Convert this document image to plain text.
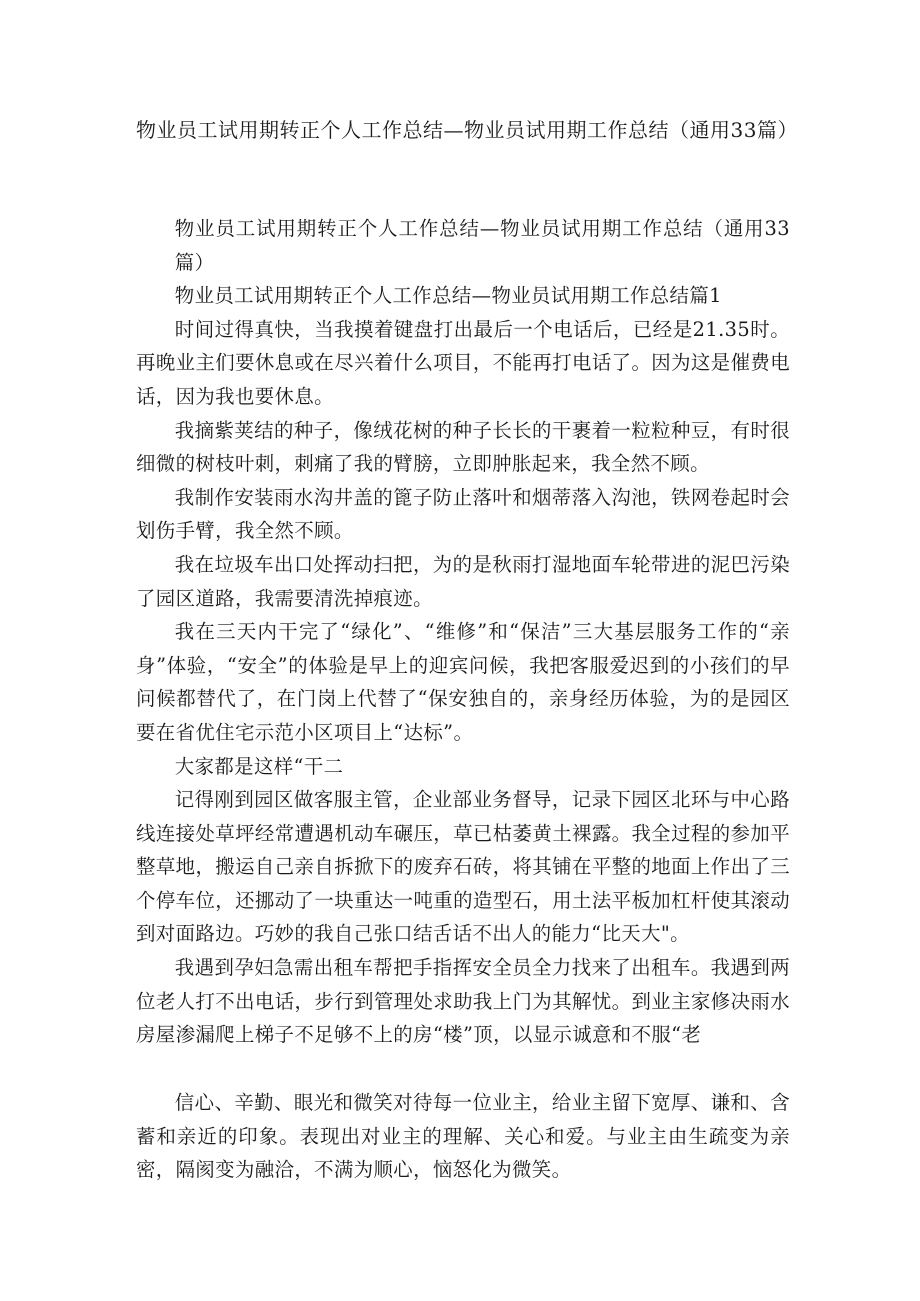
物业员工试用期转正个人工作总结—物业员试用期工作总结（通用33篇）

物业员工试用期转正个人工作总结—物业员试用期工作总结（通用33篇）

物业员工试用期转正个人工作总结—物业员试用期工作总结篇1

时间过得真快，当我摸着键盘打出最后一个电话后，已经是21.35时。再晚业主们要休息或在尽兴着什么项目，不能再打电话了。因为这是催费电话，因为我也要休息。

我摘紫荚结的种子，像绒花树的种子长长的干裹着一粒粒种豆，有时很细微的树枝叶刺，刺痛了我的臂膀，立即肿胀起来，我全然不顾。

我制作安装雨水沟井盖的篦子防止落叶和烟蒂落入沟池，铁网卷起时会划伤手臂，我全然不顾。

我在垃圾车出口处挥动扫把，为的是秋雨打湿地面车轮带进的泥巴污染了园区道路，我需要清洗掉痕迹。

我在三天内干完了“绿化”、“维修”和“保洁”三大基层服务工作的“亲身”体验，“安全”的体验是早上的迎宾问候，我把客服爱迟到的小孩们的早问候都替代了，在门岗上代替了“保安独自的，亲身经历体验，为的是园区要在省优住宅示范小区项目上“达标”。

大家都是这样“干二

记得刚到园区做客服主管，企业部业务督导，记录下园区北环与中心路线连接处草坪经常遭遇机动车碾压，草已枯萎黄土裸露。我全过程的参加平整草地，搬运自己亲自拆掀下的废弃石砖，将其铺在平整的地面上作出了三个停车位，还挪动了一块重达一吨重的造型石，用土法平板加杠杆使其滚动到对面路边。巧妙的我自己张口结舌话不出人的能力“比天大"。

我遇到孕妇急需出租车帮把手指挥安全员全力找来了出租车。我遇到两位老人打不出电话，步行到管理处求助我上门为其解忧。到业主家修决雨水房屋渗漏爬上梯子不足够不上的房“楼”顶，以显示诚意和不服“老

信心、辛勤、眼光和微笑对待每一位业主，给业主留下宽厚、谦和、含蓄和亲近的印象。表现出对业主的理解、关心和爱。与业主由生疏变为亲密，隔阂变为融洽，不满为顺心，恼怒化为微笑。
